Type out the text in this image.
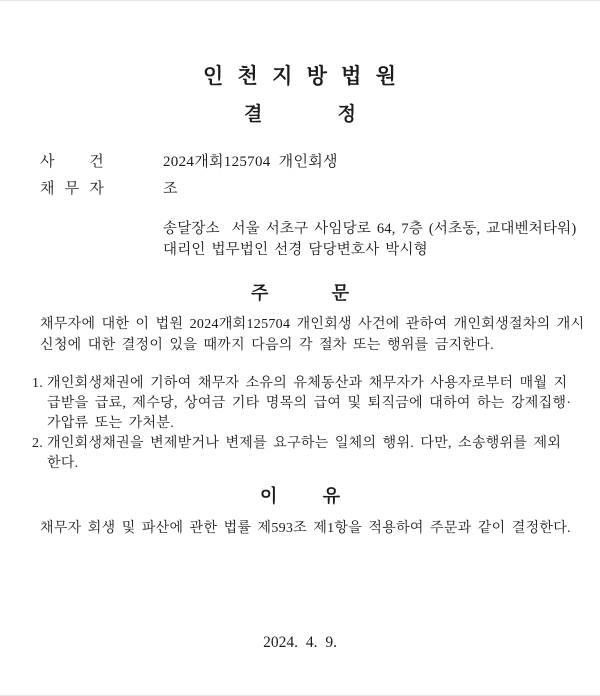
인 천 지 방 법 원
결	정
사 건	2024개회125704  개인회생
채 무 자	조
송달장소  서울 서초구 사임당로 64, 7층 (서초동, 교대벤처타워)
대리인 법무법인 선경 담당변호사 박시형
주	문
채무자에 대한 이 법원 2024개회125704 개인회생 사건에 관하여 개인회생절차의 개시
신청에 대한 결정이 있을 때까지 다음의 각 절차 또는 행위를 금지한다.
1. 개인회생채권에 기하여 채무자 소유의 유체동산과 채무자가 사용자로부터 매월 지
급받을 급료, 제수당, 상여금 기타 명목의 급여 및 퇴직금에 대하여 하는 강제집행·
가압류 또는 가처분.
2. 개인회생채권을 변제받거나 변제를 요구하는 일체의 행위. 다만, 소송행위를 제외
한다.
이	유
채무자 회생 및 파산에 관한 법률 제593조 제1항을 적용하여 주문과 같이 결정한다.
2024. 4. 9.
